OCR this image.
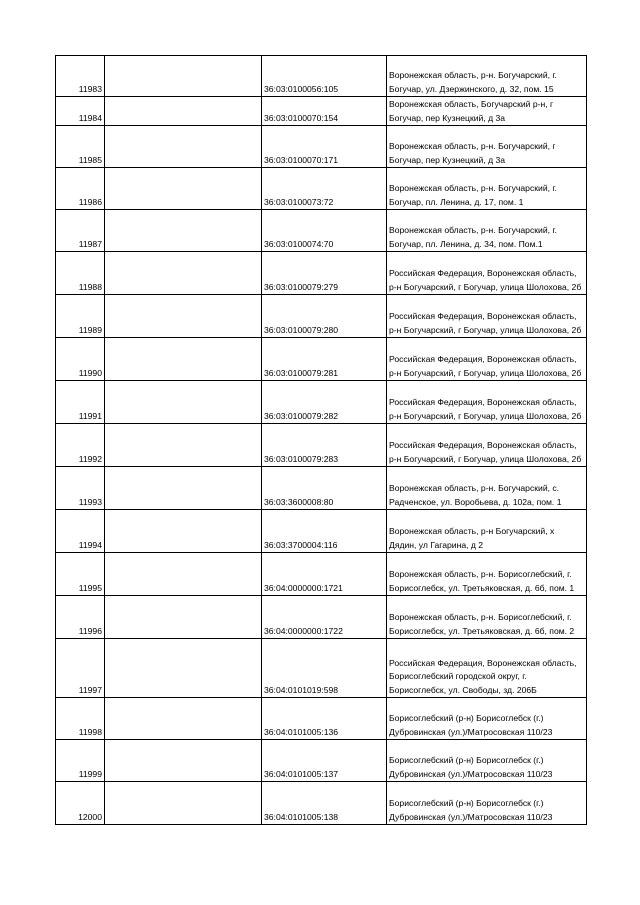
11983		36:03:0100056:105	Воронежская область, р-н. Богучарский, г. Богучар, ул. Дзержинского, д. 32, пом. 15
11984		36:03:0100070:154	Воронежская область, Богучарский р-н, г Богучар, пер Кузнецкий, д 3а
11985		36:03:0100070:171	Воронежская область, р-н. Богучарский, г Богучар, пер Кузнецкий, д 3а
11986		36:03:0100073:72	Воронежская область, р-н. Богучарский, г. Богучар, пл. Ленина, д. 17, пом. 1
11987		36:03:0100074:70	Воронежская область, р-н. Богучарский, г. Богучар, пл. Ленина, д. 34, пом. Пом.1
11988		36:03:0100079:279	Российская Федерация, Воронежская область, р-н Богучарский, г Богучар, улица Шолохова, 2б
11989		36:03:0100079:280	Российская Федерация, Воронежская область, р-н Богучарский, г Богучар, улица Шолохова, 2б
11990		36:03:0100079:281	Российская Федерация, Воронежская область, р-н Богучарский, г Богучар, улица Шолохова, 2б
11991		36:03:0100079:282	Российская Федерация, Воронежская область, р-н Богучарский, г Богучар, улица Шолохова, 2б
11992		36:03:0100079:283	Российская Федерация, Воронежская область, р-н Богучарский, г Богучар, улица Шолохова, 2б
11993		36:03:3600008:80	Воронежская область, р-н. Богучарский, с. Радченское, ул. Воробьева, д. 102а, пом. 1
11994		36:03:3700004:116	Воронежская область, р-н Богучарский, х Дядин, ул Гагарина, д 2
11995		36:04:0000000:1721	Воронежская область, р-н. Борисоглебский, г. Борисоглебск, ул. Третьяковская, д. 6б, пом. 1
11996		36:04:0000000:1722	Воронежская область, р-н. Борисоглебский, г. Борисоглебск, ул. Третьяковская, д. 6б, пом. 2
11997		36:04:0101019:598	Российская Федерация, Воронежская область, Борисоглебский городской округ, г. Борисоглебск, ул. Свободы, зд. 206Б
11998		36:04:0101005:136	Борисоглебский (р-н) Борисоглебск (г.) Дубровинская (ул.)/Матросовская 110/23
11999		36:04:0101005:137	Борисоглебский (р-н) Борисоглебск (г.) Дубровинская (ул.)/Матросовская 110/23
12000		36:04:0101005:138	Борисоглебский (р-н) Борисоглебск (г.) Дубровинская (ул.)/Матросовская 110/23
